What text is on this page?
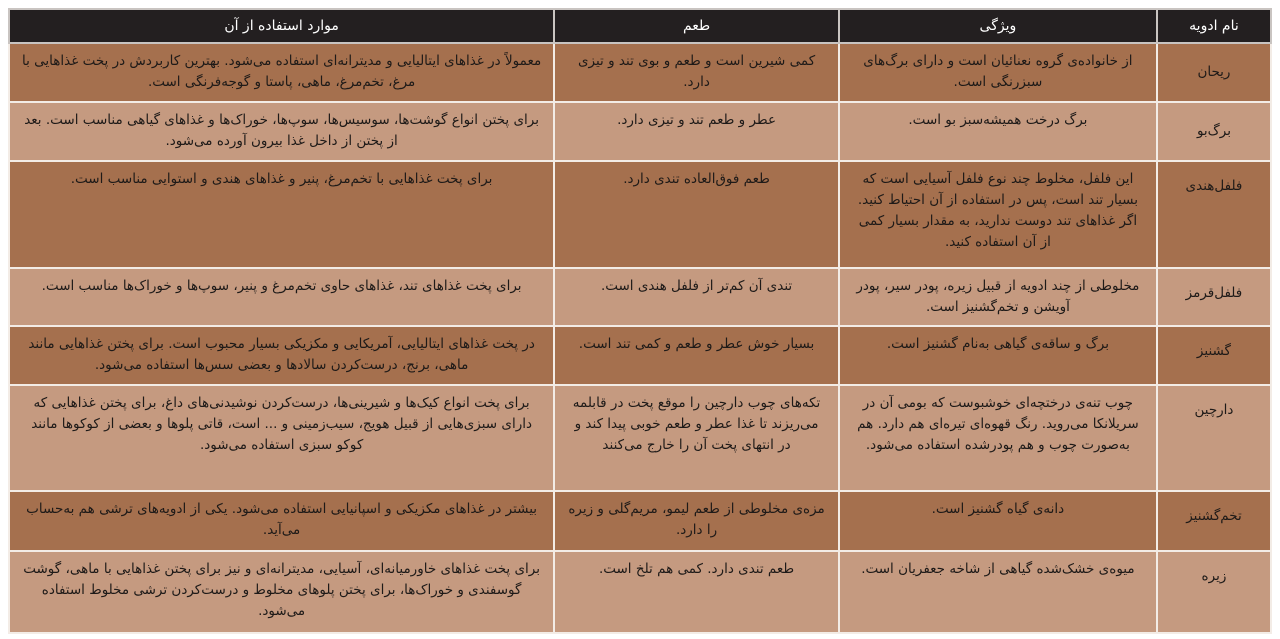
نام ادویه	ویژگی	طعم	موارد استفاده از آن
ریحان	از خانواده‌ی گروه نعنائیان است و دارای برگ‌های سبزرنگی است.	کمی شیرین است و طعم و بوی تند و تیزی دارد.	معمولاً در غذاهای ایتالیایی و مدیترانه‌ای استفاده می‌شود. بهترین کاربردش در پخت غذاهایی با مرغ، تخم‌مرغ، ماهی، پاستا و گوجه‌فرنگی است.
برگ‌بو	برگ درخت همیشه‌سبز بو است.	عطر و طعم تند و تیزی دارد.	برای پختن انواع گوشت‌ها، سوسیس‌ها، سوپ‌ها، خوراک‌ها و غذاهای گیاهی مناسب است. بعد از پختن از داخل غذا بیرون آورده می‌شود.
فلفل‌هندی	این فلفل، مخلوط چند نوع فلفل آسیایی است که بسیار تند است، پس در استفاده از آن احتیاط کنید. اگر غذاهای تند دوست ندارید، به مقدار بسیار کمی از آن استفاده کنید.	طعم فوق‌العاده تندی دارد.	برای پخت غذاهایی با تخم‌مرغ، پنیر و غذاهای هندی و استوایی مناسب است.
فلفل‌قرمز	مخلوطی از چند ادویه از قبیل زیره، پودر سیر، پودر آویشن و تخم‌گشنیز است.	تندی آن کم‌تر از فلفل هندی است.	برای پخت غذاهای تند، غذاهای حاوی تخم‌مرغ و پنیر، سوپ‌ها و خوراک‌ها مناسب است.
گشنیز	برگ و ساقه‌ی گیاهی به‌نام گشنیز است.	بسیار خوش عطر و طعم و کمی تند است.	در پخت غذاهای ایتالیایی، آمریکایی و مکزیکی بسیار محبوب است. برای پختن غذاهایی مانند ماهی، برنج، درست‌کردن سالادها و بعضی سس‌ها استفاده می‌شود.
دارچین	چوب تنه‌ی درختچه‌ای خوشبوست که بومی آن در سریلانکا می‌روید. رنگ قهوه‌ای تیره‌ای هم دارد. هم به‌صورت چوب و هم پودرشده استفاده می‌شود.	تکه‌های چوب دارچین را موقع پخت در قابلمه می‌ریزند تا غذا عطر و طعم خوبی پیدا کند و در انتهای پخت آن را خارج می‌کنند	برای پخت انواع کیک‌ها و شیرینی‌ها، درست‌کردن نوشیدنی‌های داغ، برای پختن غذاهایی که دارای سبزی‌هایی از قبیل هویج، سیب‌زمینی و ... است، قاتی پلوها و بعضی از کوکوها مانند کوکو سبزی استفاده می‌شود.
تخم‌گشنیز	دانه‌ی گیاه گشنیز است.	مزه‌ی مخلوطی از طعم لیمو، مریم‌گلی و زیره را دارد.	بیشتر در غذاهای مکزیکی و اسپانیایی استفاده می‌شود. یکی از ادویه‌های ترشی هم به‌حساب می‌آید.
زیره	میوه‌ی خشک‌شده گیاهی از شاخه جعفریان است.	طعم تندی دارد. کمی هم تلخ است.	برای پخت غذاهای خاورمیانه‌ای، آسیایی، مدیترانه‌ای و نیز برای پختن غذاهایی با ماهی، گوشت گوسفندی و خوراک‌ها، برای پختن پلوهای مخلوط و درست‌کردن ترشی مخلوط استفاده می‌شود.
